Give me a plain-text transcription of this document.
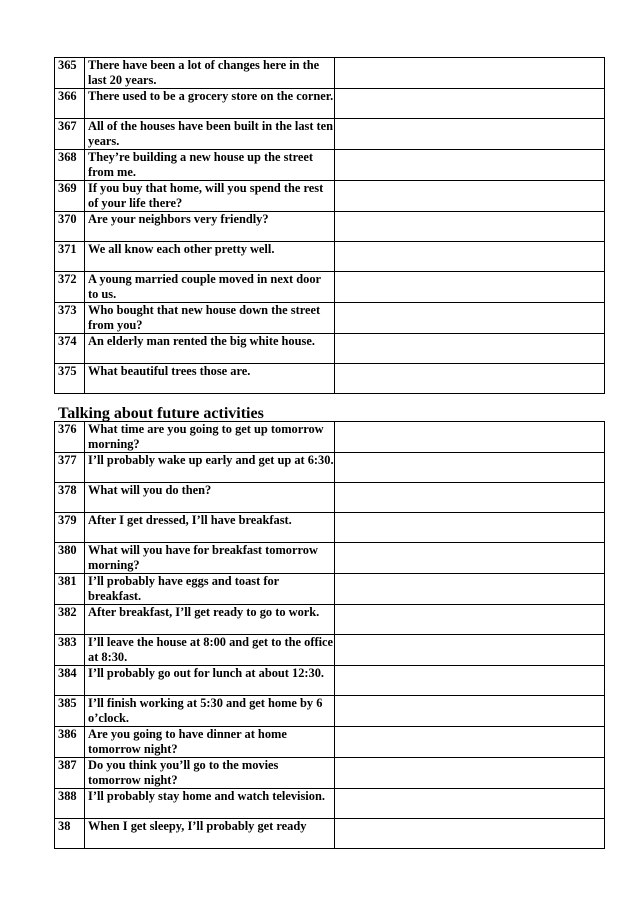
365	There have been a lot of changes here in the last 20 years.	

366	There used to be a grocery store on the corner.	

367	All of the houses have been built in the last ten years.	

368	They’re building a new house up the street from me.	

369	If you buy that home, will you spend the rest of your life there?	

370	Are your neighbors very friendly?	

371	We all know each other pretty well.	

372	A young married couple moved in next door to us.	

373	Who bought that new house down the street from you?	

374	An elderly man rented the big white house.	

375	What beautiful trees those are.	
Talking about future activities
376	What time are you going to get up tomorrow morning?	

377	I’ll probably wake up early and get up at 6:30.	

378	What will you do then?	

379	After I get dressed, I’ll have breakfast.	

380	What will you have for breakfast tomorrow morning?	

381	I’ll probably have eggs and toast for breakfast.	

382	After breakfast, I’ll get ready to go to work.	

383	I’ll leave the house at 8:00 and get to the office at 8:30.	

384	I’ll probably go out for lunch at about 12:30.	

385	I’ll finish working at 5:30 and get home by 6 o’clock.	

386	Are you going to have dinner at home tomorrow night?	

387	Do you think you’ll go to the movies tomorrow night?	

388	I’ll probably stay home and watch television.	

38	When I get sleepy, I’ll probably get ready	
